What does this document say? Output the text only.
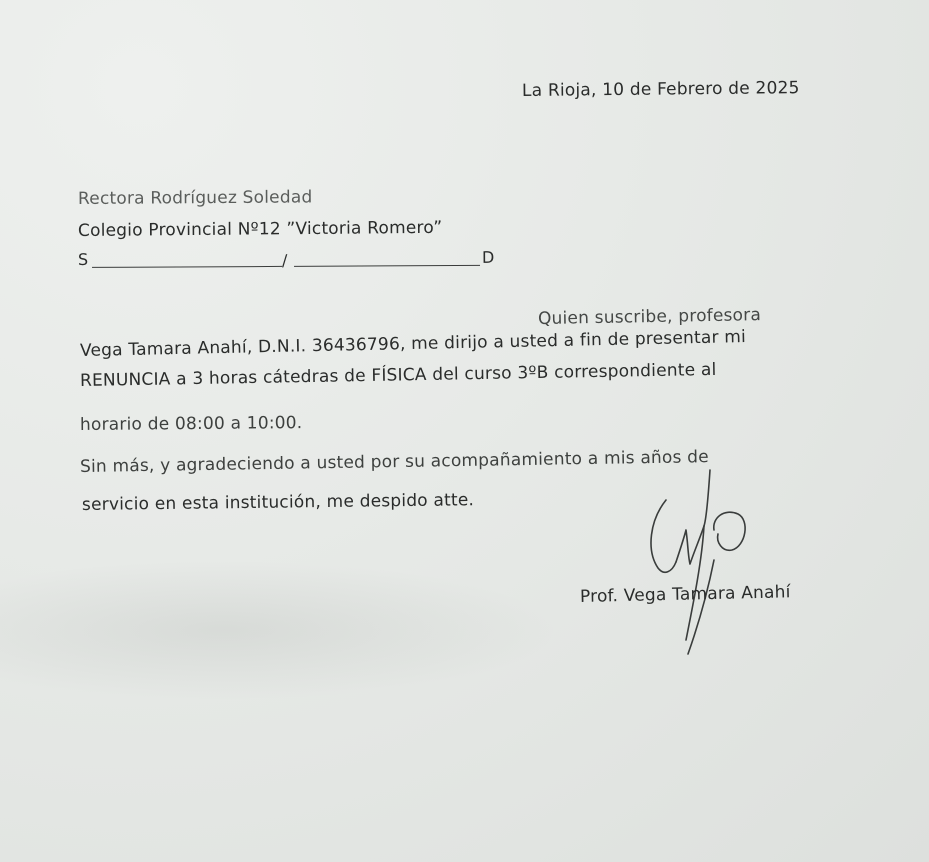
La Rioja, 10 de Febrero de 2025
Rectora Rodríguez Soledad
Colegio Provincial Nº12 ”Victoria Romero”
S	/	D
Quien suscribe, profesora
Vega Tamara Anahí, D.N.I. 36436796, me dirijo a usted a fin de presentar mi
RENUNCIA a 3 horas cátedras de FÍSICA del curso 3ºB correspondiente al
horario de 08:00 a 10:00.
Sin más, y agradeciendo a usted por su acompañamiento a mis años de
servicio en esta institución, me despido atte.
Prof. Vega Tamara Anahí
